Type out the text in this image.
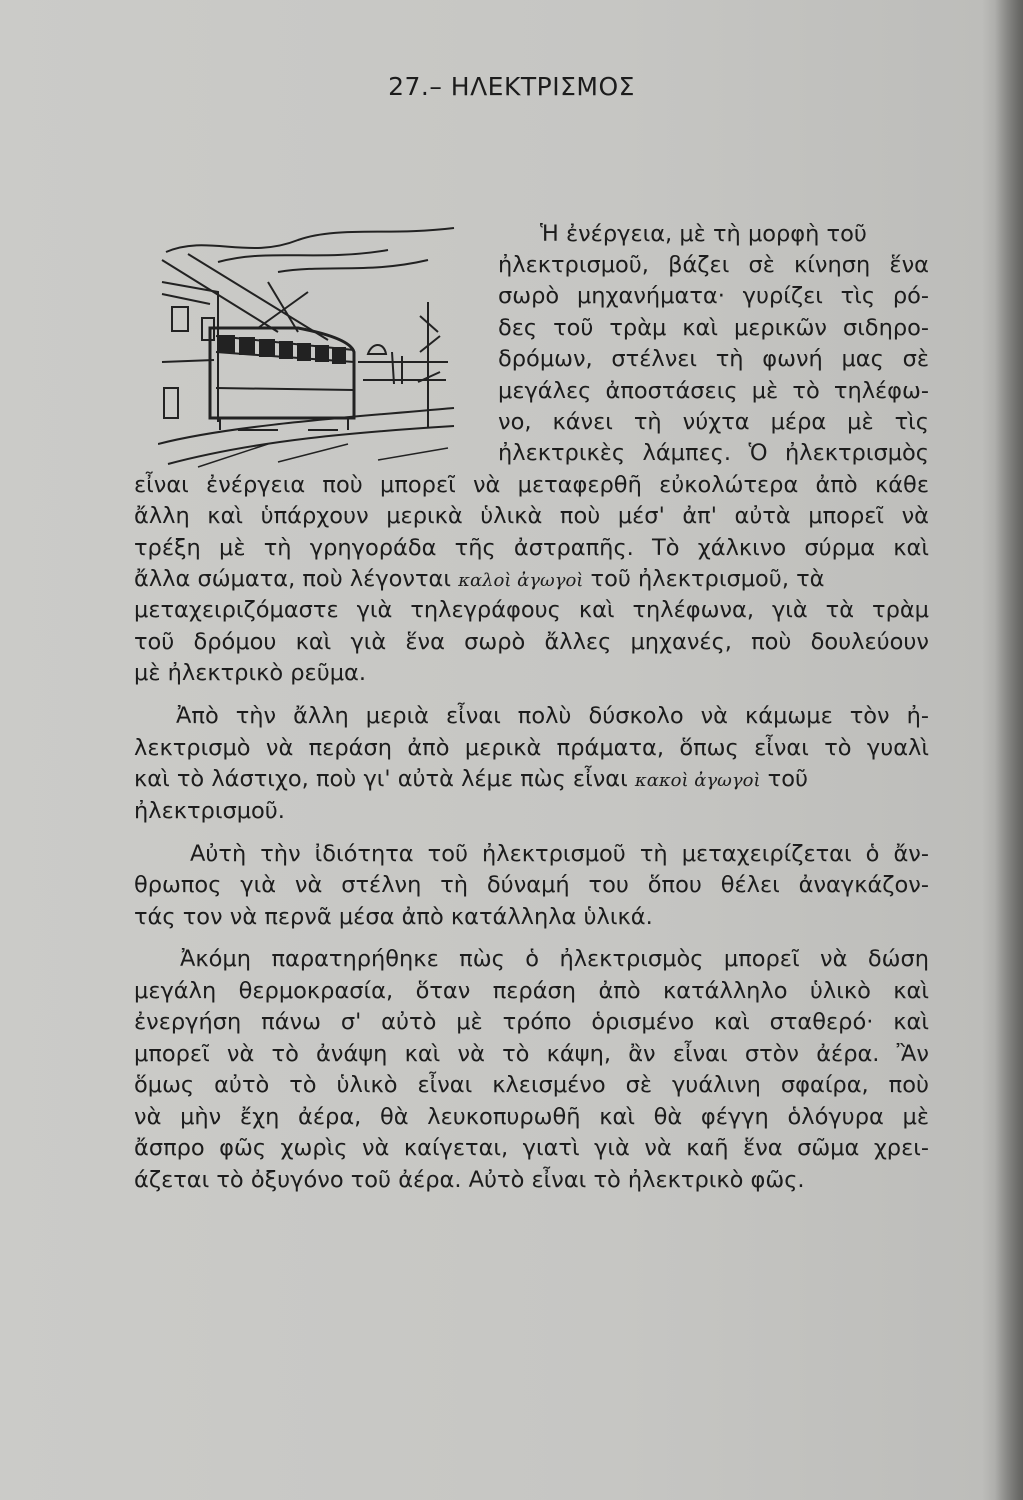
27.– ΗΛΕΚΤΡΙΣΜΟΣ
Ἡ ἐνέργεια, μὲ τὴ μορφὴ τοῦ
ἠλεκτρισμοῦ, βάζει σὲ κίνηση ἕνα
σωρὸ μηχανήματα· γυρίζει τὶς ρό-
δες τοῦ τρὰμ καὶ μερικῶν σιδηρο-
δρόμων, στέλνει τὴ φωνή μας σὲ
μεγάλες ἀποστάσεις μὲ τὸ τηλέφω-
νο, κάνει τὴ νύχτα μέρα μὲ τὶς
ἠλεκτρικὲς λάμπες. Ὁ ἠλεκτρισμὸς
εἶναι ἐνέργεια ποὺ μπορεῖ νὰ μεταφερθῆ εὐκολώτερα ἀπὸ κάθε
ἄλλη καὶ ὑπάρχουν μερικὰ ὑλικὰ ποὺ μέσ' ἀπ' αὐτὰ μπορεῖ νὰ
τρέξη μὲ τὴ γρηγοράδα τῆς ἀστραπῆς. Τὸ χάλκινο σύρμα καὶ
ἄλλα σώματα, ποὺ λέγονται καλοὶ ἀγωγοὶ τοῦ ἠλεκτρισμοῦ, τὰ
μεταχειριζόμαστε γιὰ τηλεγράφους καὶ τηλέφωνα, γιὰ τὰ τρὰμ
τοῦ δρόμου καὶ γιὰ ἕνα σωρὸ ἄλλες μηχανές, ποὺ δουλεύουν
μὲ ἠλεκτρικὸ ρεῦμα.
Ἀπὸ τὴν ἄλλη μεριὰ εἶναι πολὺ δύσκολο νὰ κάμωμε τὸν ἠ-
λεκτρισμὸ νὰ περάση ἀπὸ μερικὰ πράματα, ὅπως εἶναι τὸ γυαλὶ
καὶ τὸ λάστιχο, ποὺ γι' αὐτὰ λέμε πὼς εἶναι κακοὶ ἀγωγοὶ τοῦ
ἠλεκτρισμοῦ.
Αὐτὴ τὴν ἰδιότητα τοῦ ἠλεκτρισμοῦ τὴ μεταχειρίζεται ὁ ἄν-
θρωπος γιὰ νὰ στέλνη τὴ δύναμή του ὅπου θέλει ἀναγκάζον-
τάς τον νὰ περνᾶ μέσα ἀπὸ κατάλληλα ὑλικά.
Ἀκόμη παρατηρήθηκε πὼς ὁ ἠλεκτρισμὸς μπορεῖ νὰ δώση
μεγάλη θερμοκρασία, ὅταν περάση ἀπὸ κατάλληλο ὑλικὸ καὶ
ἐνεργήση πάνω σ' αὐτὸ μὲ τρόπο ὁρισμένο καὶ σταθερό· καὶ
μπορεῖ νὰ τὸ ἀνάψη καὶ νὰ τὸ κάψη, ἂν εἶναι στὸν ἀέρα. Ἂν
ὅμως αὐτὸ τὸ ὑλικὸ εἶναι κλεισμένο σὲ γυάλινη σφαίρα, ποὺ
νὰ μὴν ἔχη ἀέρα, θὰ λευκοπυρωθῆ καὶ θὰ φέγγη ὁλόγυρα μὲ
ἄσπρο φῶς χωρὶς νὰ καίγεται, γιατὶ γιὰ νὰ καῆ ἕνα σῶμα χρει-
άζεται τὸ ὀξυγόνο τοῦ ἀέρα. Αὐτὸ εἶναι τὸ ἠλεκτρικὸ φῶς.
